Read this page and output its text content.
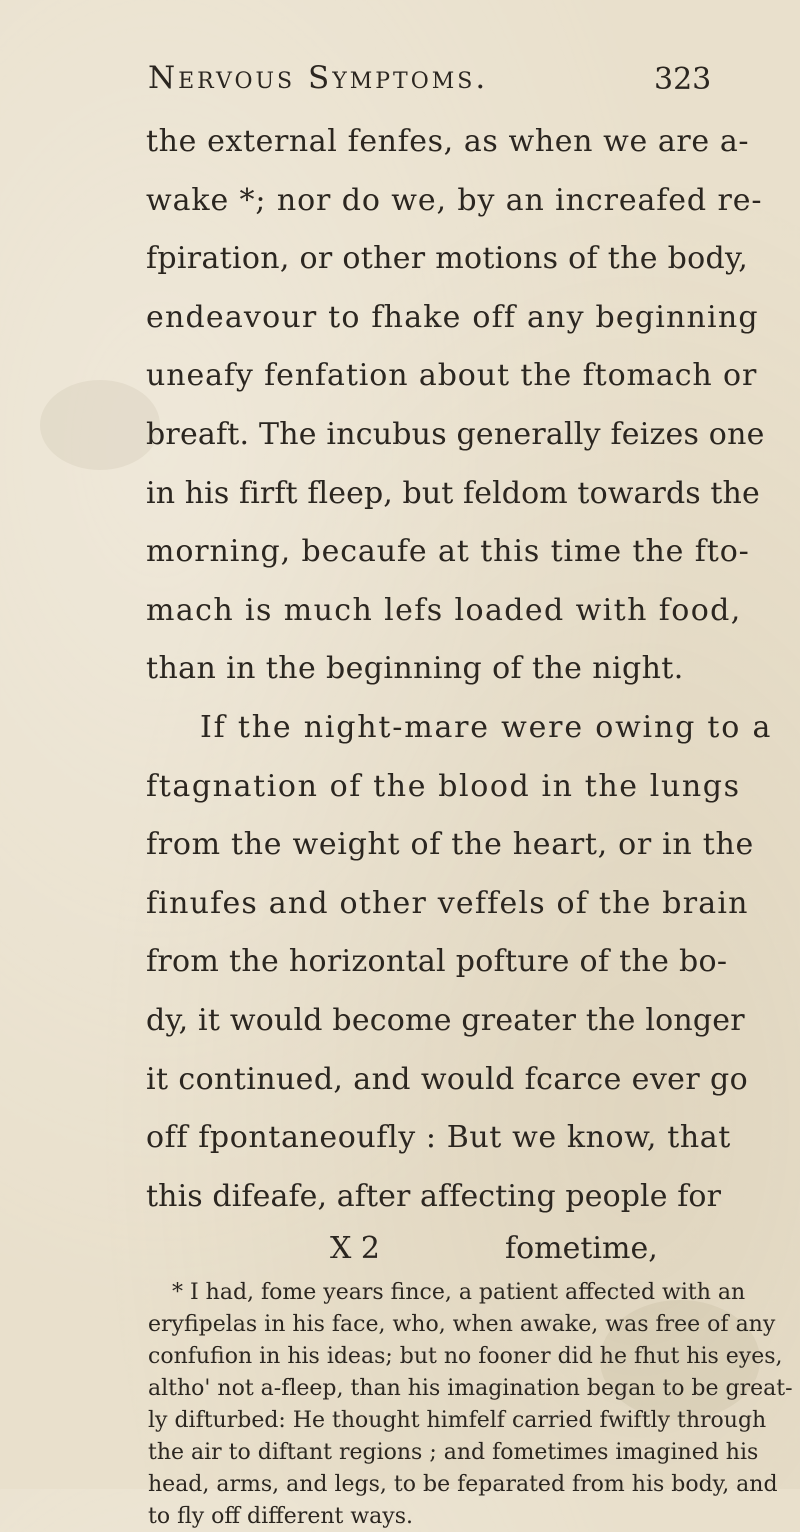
Nervous Symptoms.	323
the external fenfes, as when we are a-
wake *; nor do we, by an increafed re-
fpiration, or other motions of the body,
endeavour to fhake off any beginning
uneafy fenfation about the ftomach or
breaft. The incubus generally feizes one
in his firft fleep, but feldom towards the
morning, becaufe at this time the fto-
mach is much lefs loaded with food,
than in the beginning of the night.
If the night-mare were owing to a
ftagnation of the blood in the lungs
from the weight of the heart, or in the
finufes and other veffels of the brain
from the horizontal pofture of the bo-
dy, it would become greater the longer
it continued, and would fcarce ever go
off fpontaneoufly : But we know, that
this difeafe, after affecting people for
X 2	fometime,
* I had, fome years fince, a patient affected with an
eryfipelas in his face, who, when awake, was free of any
confufion in his ideas; but no fooner did he fhut his eyes,
altho' not a-fleep, than his imagination began to be great-
ly difturbed: He thought himfelf carried fwiftly through
the air to diftant regions ; and fometimes imagined his
head, arms, and legs, to be feparated from his body, and
to fly off different ways.
